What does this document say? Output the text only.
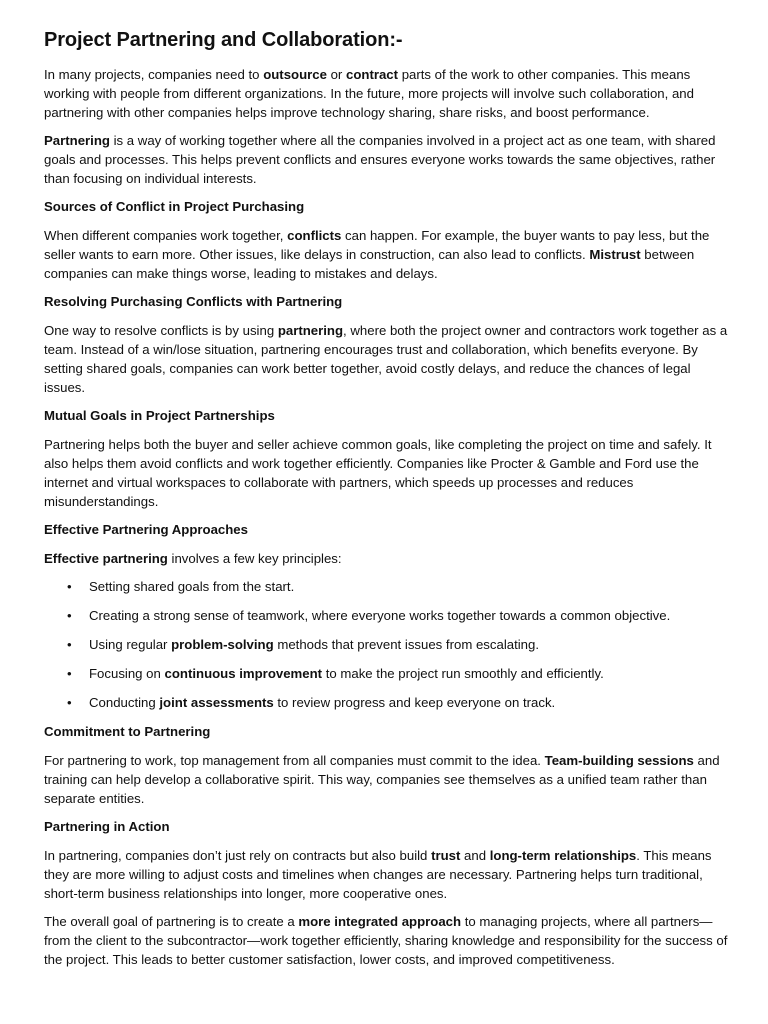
Project Partnering and Collaboration:-

In many projects, companies need to outsource or contract parts of the work to other companies. This means working with people from different organizations. In the future, more projects will involve such collaboration, and partnering with other companies helps improve technology sharing, share risks, and boost performance.

Partnering is a way of working together where all the companies involved in a project act as one team, with shared goals and processes. This helps prevent conflicts and ensures everyone works towards the same objectives, rather than focusing on individual interests.

Sources of Conflict in Project Purchasing

When different companies work together, conflicts can happen. For example, the buyer wants to pay less, but the seller wants to earn more. Other issues, like delays in construction, can also lead to conflicts. Mistrust between companies can make things worse, leading to mistakes and delays.

Resolving Purchasing Conflicts with Partnering

One way to resolve conflicts is by using partnering, where both the project owner and contractors work together as a team. Instead of a win/lose situation, partnering encourages trust and collaboration, which benefits everyone. By setting shared goals, companies can work better together, avoid costly delays, and reduce the chances of legal issues.

Mutual Goals in Project Partnerships

Partnering helps both the buyer and seller achieve common goals, like completing the project on time and safely. It also helps them avoid conflicts and work together efficiently. Companies like Procter & Gamble and Ford use the internet and virtual workspaces to collaborate with partners, which speeds up processes and reduces misunderstandings.

Effective Partnering Approaches

Effective partnering involves a few key principles:

• Setting shared goals from the start.
• Creating a strong sense of teamwork, where everyone works together towards a common objective.
• Using regular problem-solving methods that prevent issues from escalating.
• Focusing on continuous improvement to make the project run smoothly and efficiently.
• Conducting joint assessments to review progress and keep everyone on track.
Commitment to Partnering

For partnering to work, top management from all companies must commit to the idea. Team-building sessions and training can help develop a collaborative spirit. This way, companies see themselves as a unified team rather than separate entities.

Partnering in Action

In partnering, companies don’t just rely on contracts but also build trust and long-term relationships. This means they are more willing to adjust costs and timelines when changes are necessary. Partnering helps turn traditional, short-term business relationships into longer, more cooperative ones.

The overall goal of partnering is to create a more integrated approach to managing projects, where all partners—from the client to the subcontractor—work together efficiently, sharing knowledge and responsibility for the success of the project. This leads to better customer satisfaction, lower costs, and improved competitiveness.
